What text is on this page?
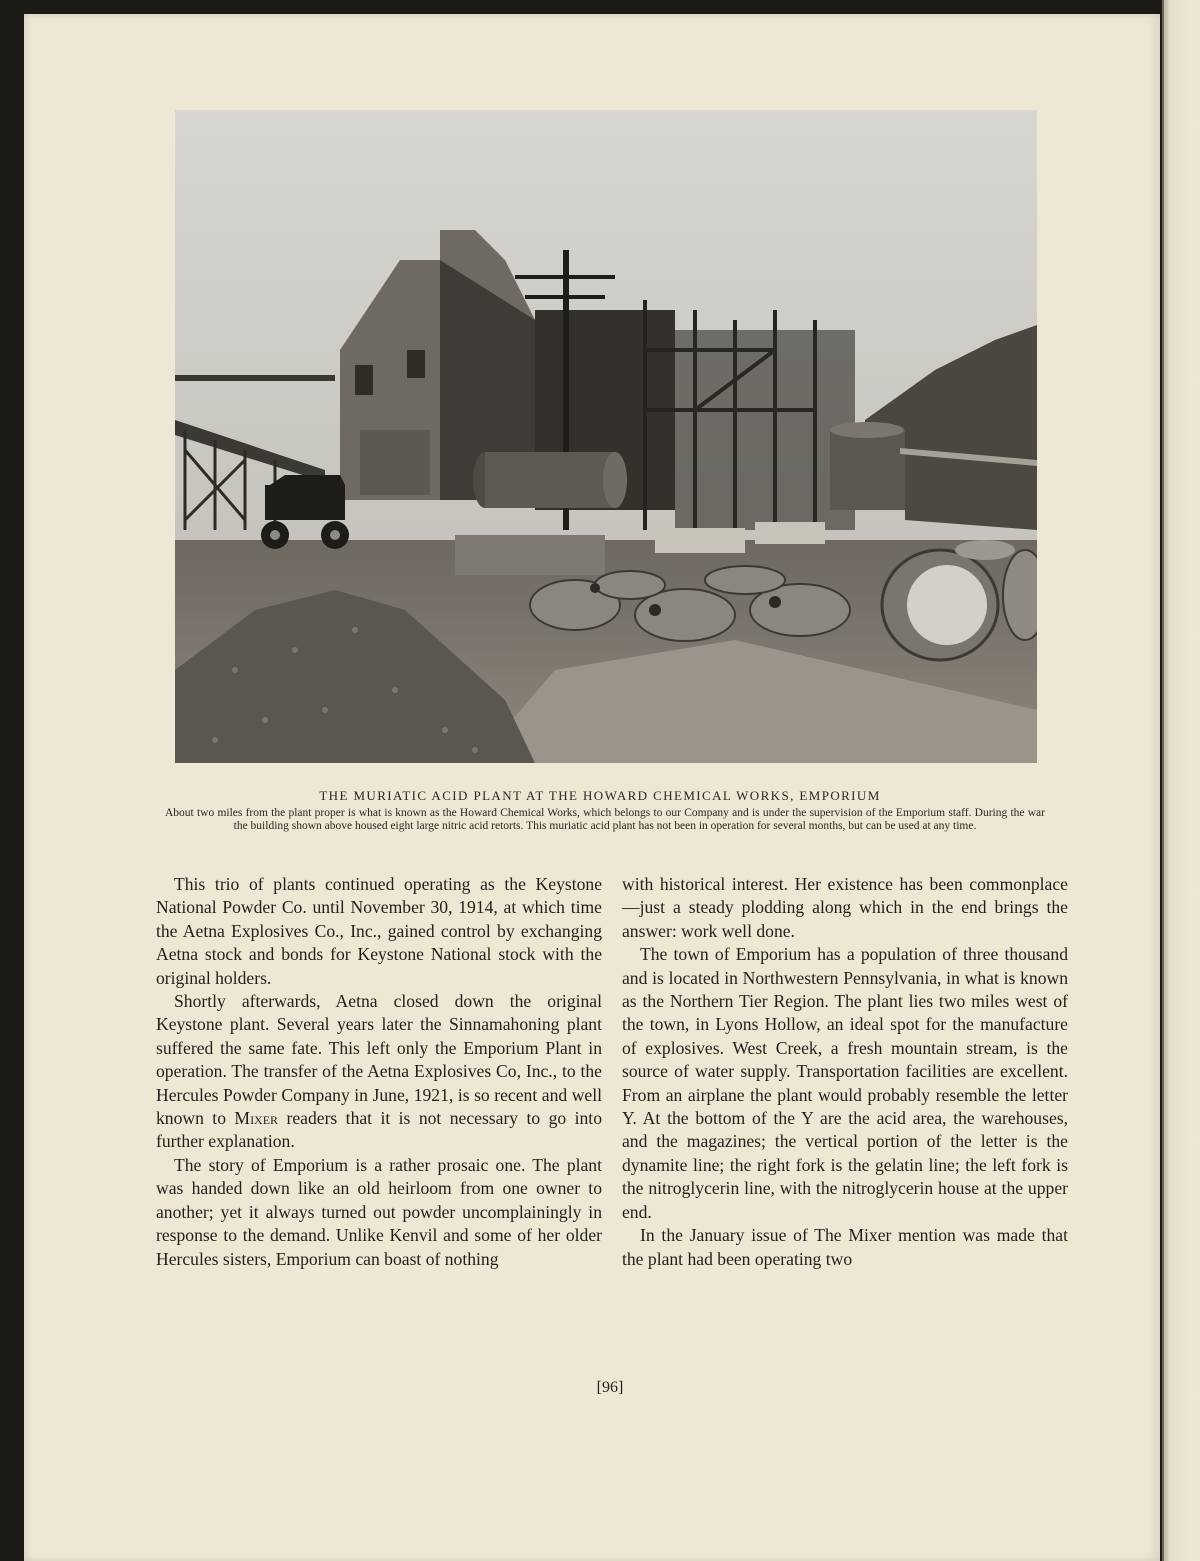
THE MURIATIC ACID PLANT AT THE HOWARD CHEMICAL WORKS, EMPORIUM
About two miles from the plant proper is what is known as the Howard Chemical Works, which belongs to our Company and is under the supervision of the Emporium staff. During the war the building shown above housed eight large nitric acid retorts. This muriatic acid plant has not been in operation for several months, but can be used at any time.

This trio of plants continued operating as the Keystone National Powder Co. until November 30, 1914, at which time the Aetna Explosives Co., Inc., gained control by exchanging Aetna stock and bonds for Keystone National stock with the original holders.

Shortly afterwards, Aetna closed down the original Keystone plant. Several years later the Sinnamahoning plant suffered the same fate. This left only the Emporium Plant in operation. The transfer of the Aetna Explosives Co, Inc., to the Hercules Powder Company in June, 1921, is so recent and well known to Mixer readers that it is not necessary to go into further explanation.

The story of Emporium is a rather prosaic one. The plant was handed down like an old heirloom from one owner to another; yet it always turned out powder uncomplainingly in response to the demand. Unlike Kenvil and some of her older Hercules sisters, Emporium can boast of nothing

with historical interest. Her existence has been commonplace—just a steady plodding along which in the end brings the answer: work well done.

The town of Emporium has a population of three thousand and is located in Northwestern Pennsylvania, in what is known as the Northern Tier Region. The plant lies two miles west of the town, in Lyons Hollow, an ideal spot for the manufacture of explosives. West Creek, a fresh mountain stream, is the source of water supply. Transportation facilities are excellent. From an airplane the plant would probably resemble the letter Y. At the bottom of the Y are the acid area, the warehouses, and the magazines; the vertical portion of the letter is the dynamite line; the right fork is the gelatin line; the left fork is the nitroglycerin line, with the nitroglycerin house at the upper end.

In the January issue of The Mixer mention was made that the plant had been operating two

[96]
